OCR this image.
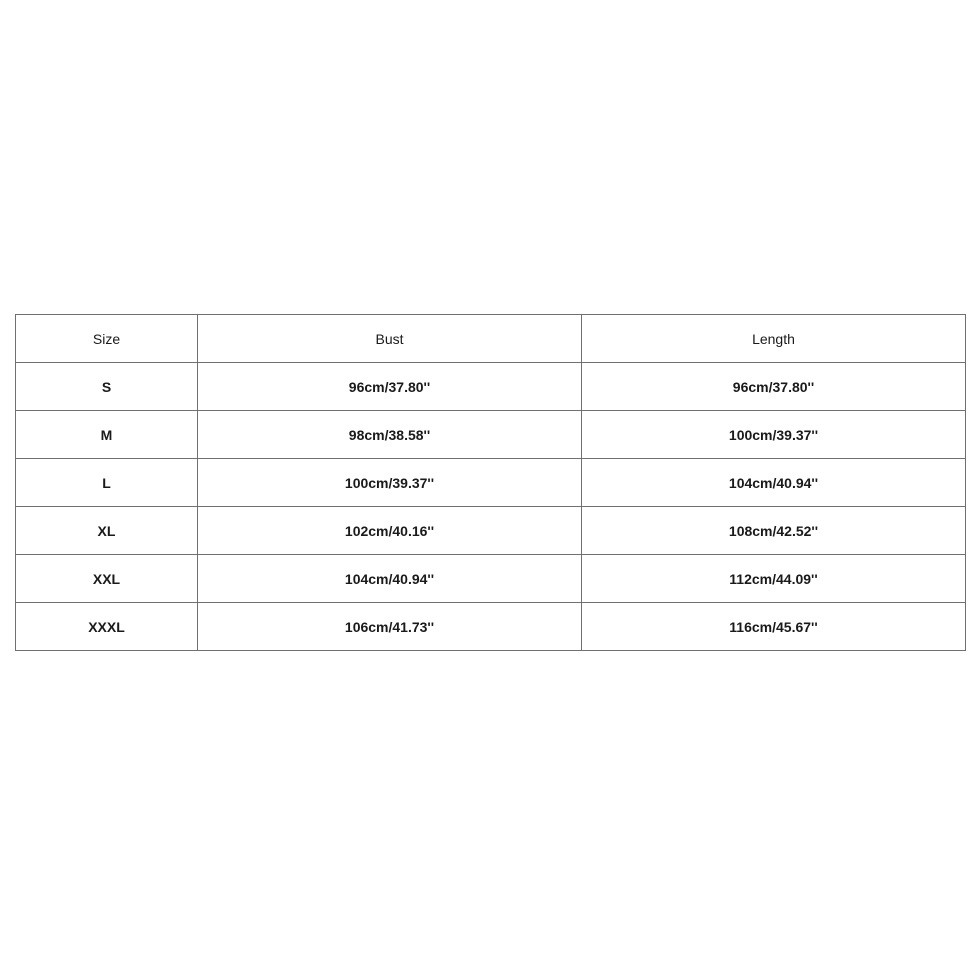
Size	Bust	Length
S	96cm/37.80''	96cm/37.80''
M	98cm/38.58''	100cm/39.37''
L	100cm/39.37''	104cm/40.94''
XL	102cm/40.16''	108cm/42.52''
XXL	104cm/40.94''	112cm/44.09''
XXXL	106cm/41.73''	116cm/45.67''
